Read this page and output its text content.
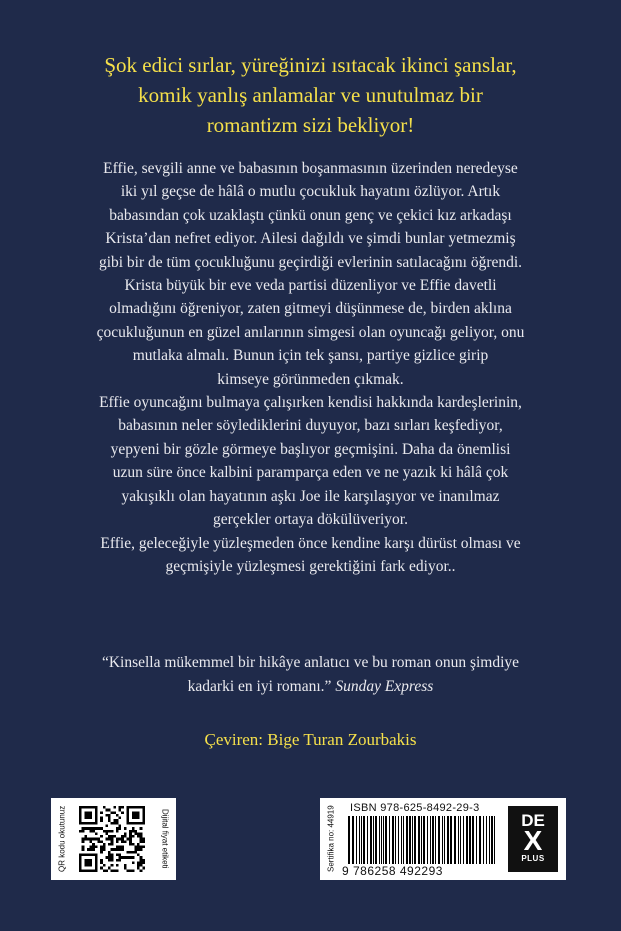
Şok edici sırlar, yüreğinizi ısıtacak ikinci şanslar,
komik yanlış anlamalar ve unutulmaz bir
romantizm sizi bekliyor!
Effie, sevgili anne ve babasının boşanmasının üzerinden neredeyse
iki yıl geçse de hâlâ o mutlu çocukluk hayatını özlüyor. Artık
babasından çok uzaklaştı çünkü onun genç ve çekici kız arkadaşı
Krista’dan nefret ediyor. Ailesi dağıldı ve şimdi bunlar yetmezmiş
gibi bir de tüm çocukluğunu geçirdiği evlerinin satılacağını öğrendi.
Krista büyük bir eve veda partisi düzenliyor ve Effie davetli
olmadığını öğreniyor, zaten gitmeyi düşünmese de, birden aklına
çocukluğunun en güzel anılarının simgesi olan oyuncağı geliyor, onu
mutlaka almalı. Bunun için tek şansı, partiye gizlice girip
kimseye görünmeden çıkmak.
Effie oyuncağını bulmaya çalışırken kendisi hakkında kardeşlerinin,
babasının neler söylediklerini duyuyor, bazı sırları keşfediyor,
yepyeni bir gözle görmeye başlıyor geçmişini. Daha da önemlisi
uzun süre önce kalbini paramparça eden ve ne yazık ki hâlâ çok
yakışıklı olan hayatının aşkı Joe ile karşılaşıyor ve inanılmaz
gerçekler ortaya dökülüveriyor.
Effie, geleceğiyle yüzleşmeden önce kendine karşı dürüst olması ve
geçmişiyle yüzleşmesi gerektiğini fark ediyor..
“Kinsella mükemmel bir hikâye anlatıcı ve bu roman onun şimdiye
kadarki en iyi romanı.” Sunday Express
Çeviren: Bige Turan Zourbakis
QR kodu okutunuz	Dijital fiyat etiketi	Sertifika no: 44919 ISBN 978-625-8492-29-3
9 786258 492293
DE
X
PLUS
